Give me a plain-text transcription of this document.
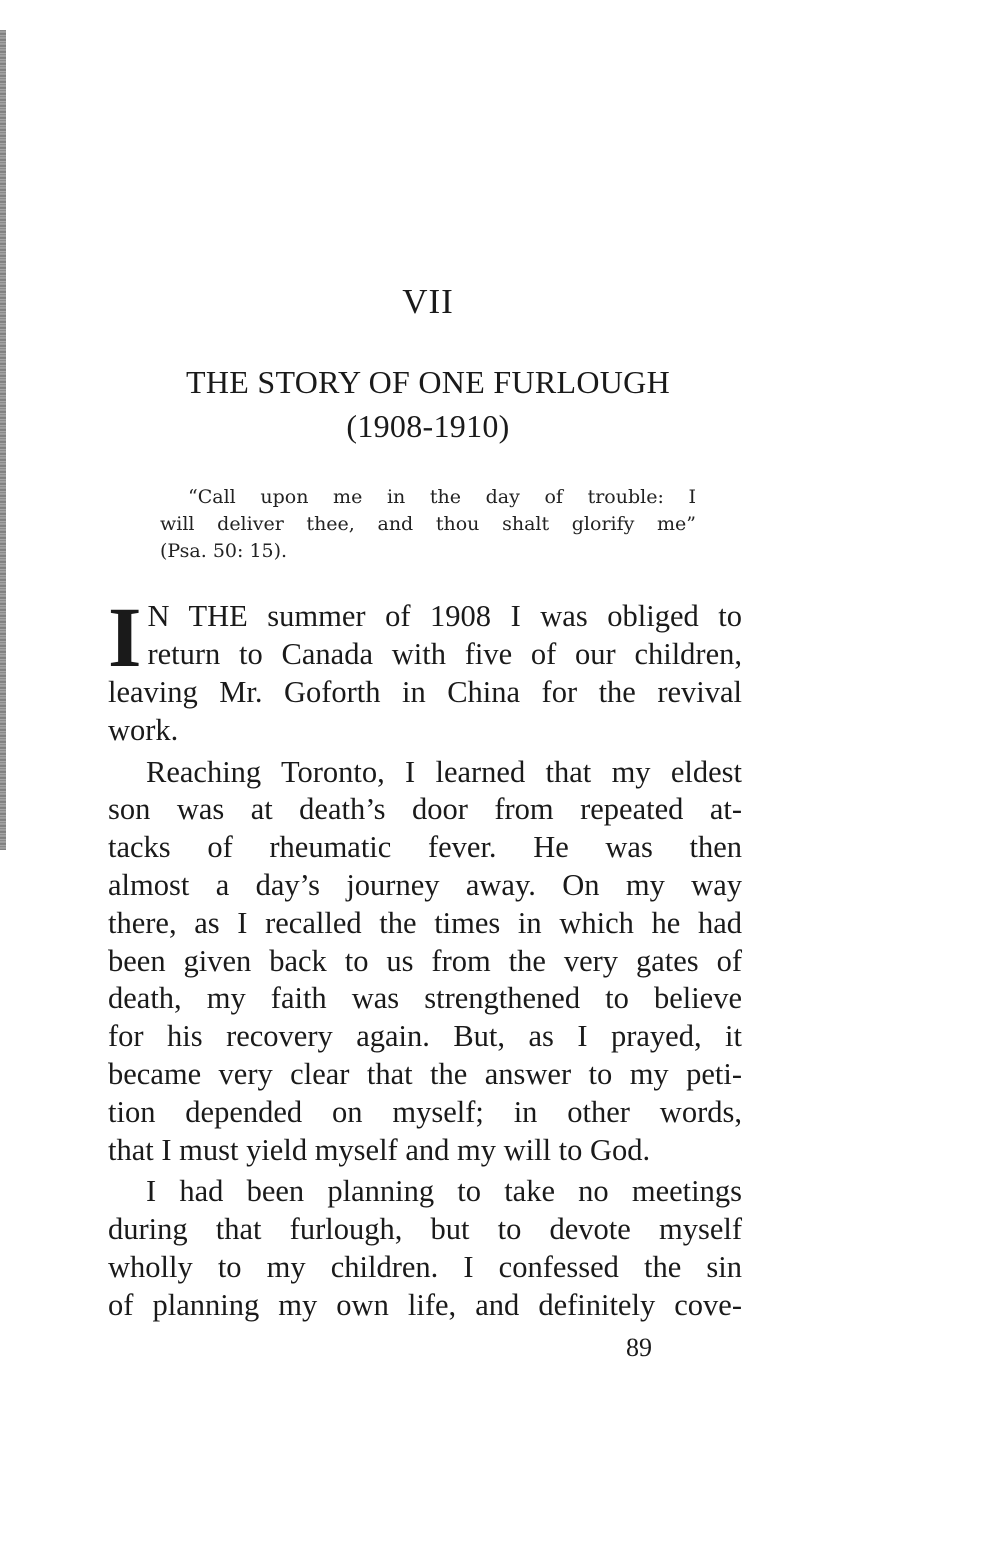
VII
THE STORY OF ONE FURLOUGH
(1908-1910)
“Call upon me in the day of trouble: I
will deliver thee, and thou shalt glorify me”
(Psa. 50: 15).
I N THE summer of 1908 I was obliged to
return to Canada with five of our children,
leaving Mr. Goforth in China for the revival
work.
Reaching Toronto, I learned that my eldest
son was at death’s door from repeated at-
tacks of rheumatic fever. He was then
almost a day’s journey away. On my way
there, as I recalled the times in which he had
been given back to us from the very gates of
death, my faith was strengthened to believe
for his recovery again. But, as I prayed, it
became very clear that the answer to my peti-
tion depended on myself; in other words,
that I must yield myself and my will to God.
I had been planning to take no meetings
during that furlough, but to devote myself
wholly to my children. I confessed the sin
of planning my own life, and definitely cove-

89
